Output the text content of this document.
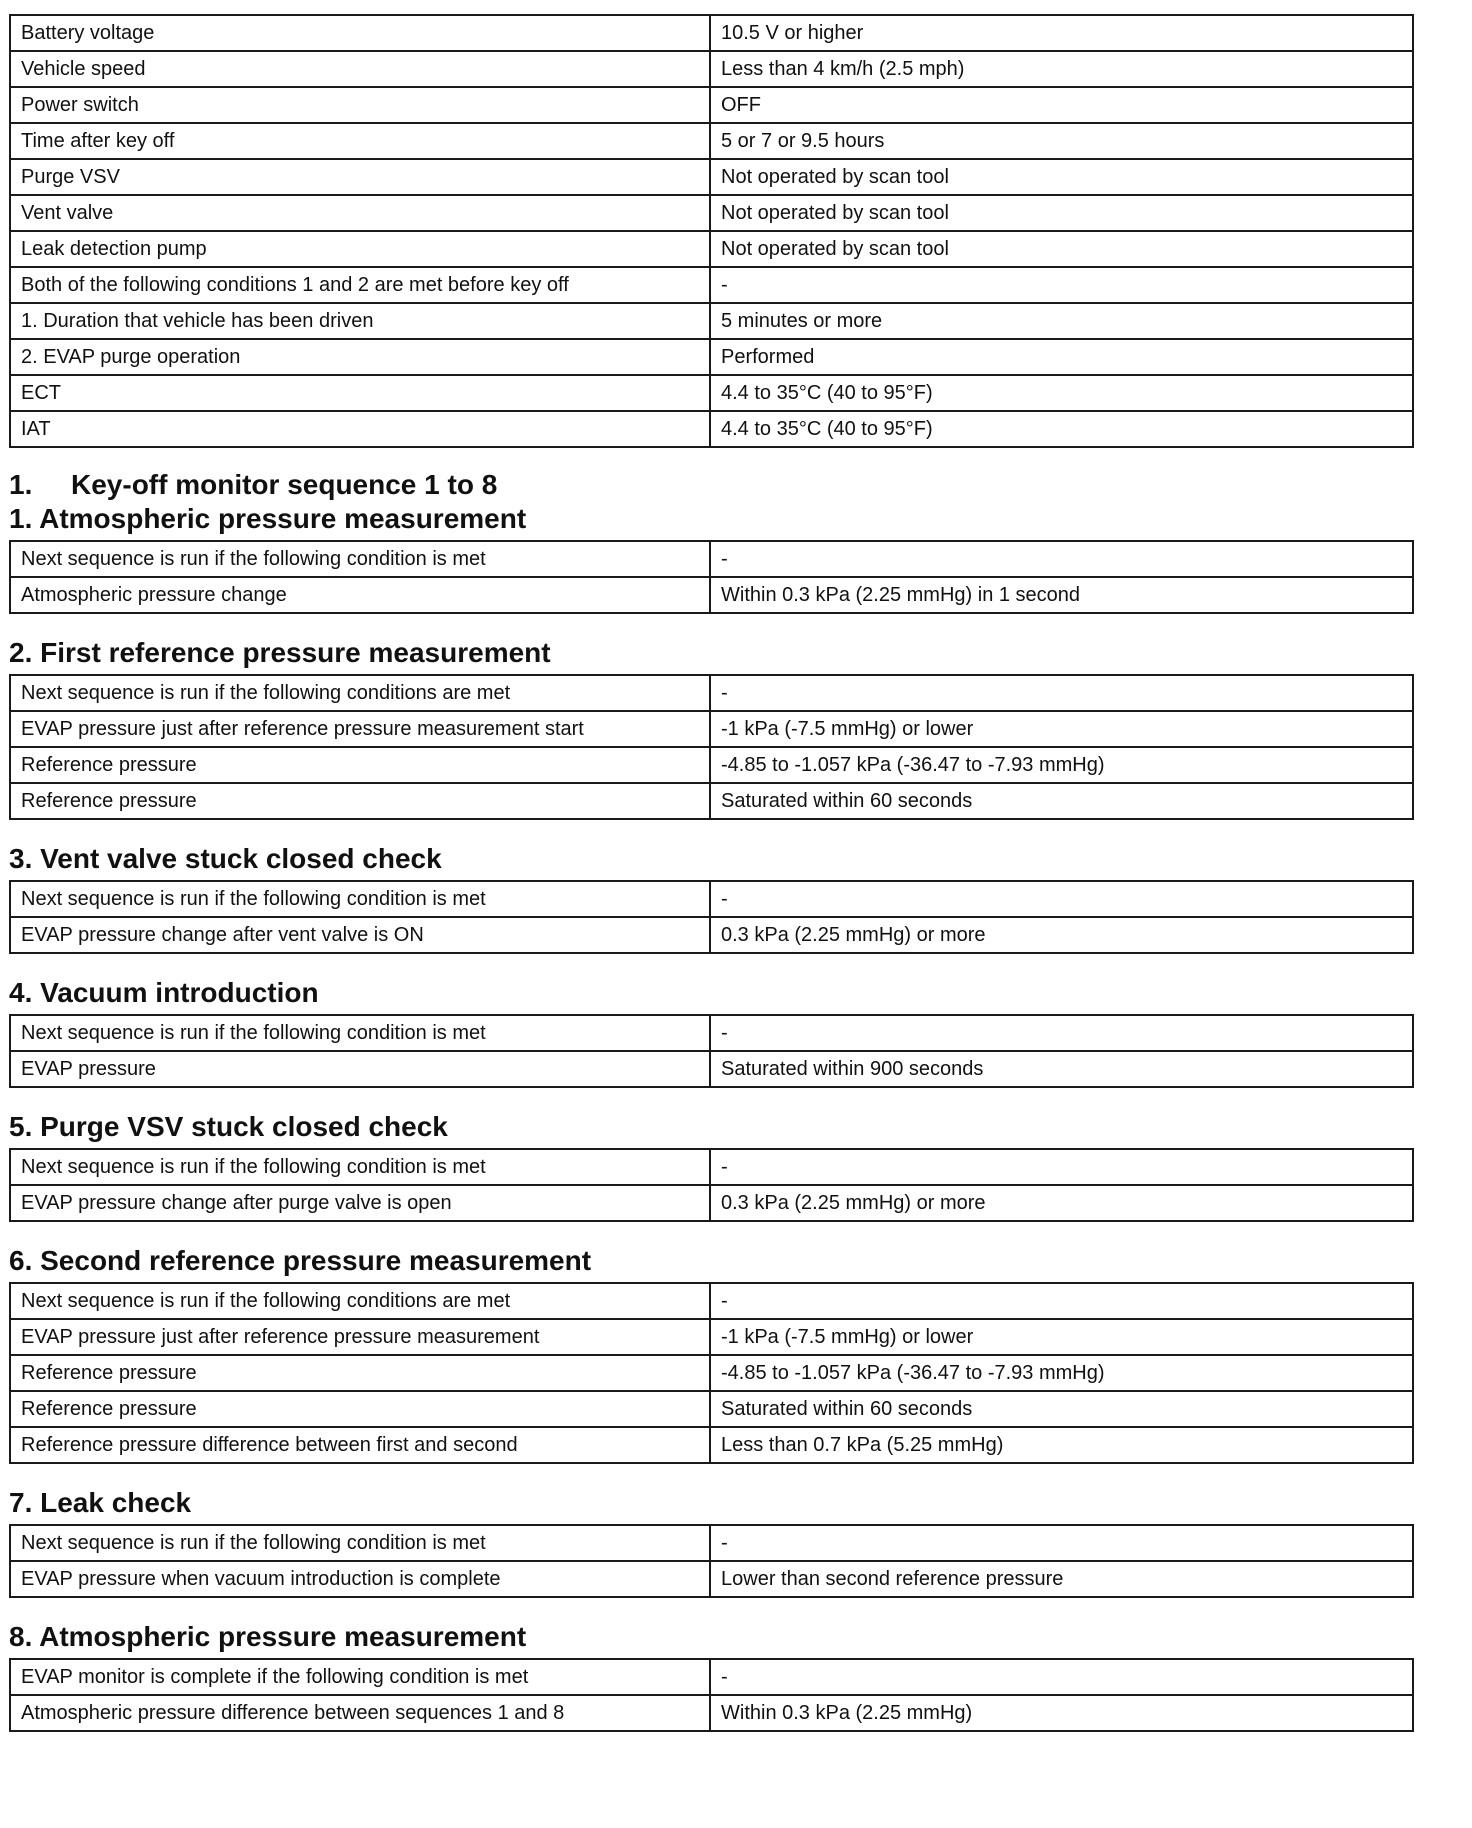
Battery voltage	10.5 V or higher
Vehicle speed	Less than 4 km/h (2.5 mph)
Power switch	OFF
Time after key off	5 or 7 or 9.5 hours
Purge VSV	Not operated by scan tool
Vent valve	Not operated by scan tool
Leak detection pump	Not operated by scan tool
Both of the following conditions 1 and 2 are met before key off	-
1. Duration that vehicle has been driven	5 minutes or more
2. EVAP purge operation	Performed
ECT	4.4 to 35°C (40 to 95°F)
IAT	4.4 to 35°C (40 to 95°F)
1. Key-off monitor sequence 1 to 8
1. Atmospheric pressure measurement
Next sequence is run if the following condition is met	-
Atmospheric pressure change	Within 0.3 kPa (2.25 mmHg) in 1 second
2. First reference pressure measurement
Next sequence is run if the following conditions are met	-
EVAP pressure just after reference pressure measurement start	-1 kPa (-7.5 mmHg) or lower
Reference pressure	-4.85 to -1.057 kPa (-36.47 to -7.93 mmHg)
Reference pressure	Saturated within 60 seconds
3. Vent valve stuck closed check
Next sequence is run if the following condition is met	-
EVAP pressure change after vent valve is ON	0.3 kPa (2.25 mmHg) or more
4. Vacuum introduction
Next sequence is run if the following condition is met	-
EVAP pressure	Saturated within 900 seconds
5. Purge VSV stuck closed check
Next sequence is run if the following condition is met	-
EVAP pressure change after purge valve is open	0.3 kPa (2.25 mmHg) or more
6. Second reference pressure measurement
Next sequence is run if the following conditions are met	-
EVAP pressure just after reference pressure measurement	-1 kPa (-7.5 mmHg) or lower
Reference pressure	-4.85 to -1.057 kPa (-36.47 to -7.93 mmHg)
Reference pressure	Saturated within 60 seconds
Reference pressure difference between first and second	Less than 0.7 kPa (5.25 mmHg)
7. Leak check
Next sequence is run if the following condition is met	-
EVAP pressure when vacuum introduction is complete	Lower than second reference pressure
8. Atmospheric pressure measurement
EVAP monitor is complete if the following condition is met	-
Atmospheric pressure difference between sequences 1 and 8	Within 0.3 kPa (2.25 mmHg)
